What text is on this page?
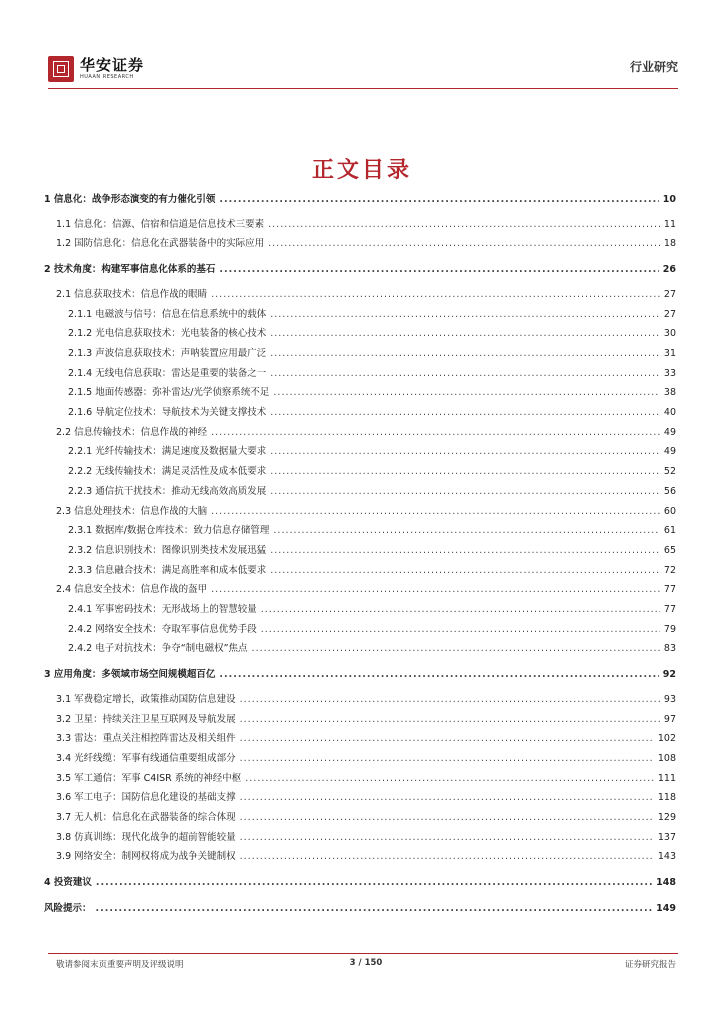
华安证券
HUAAN RESEARCH
行业研究
正文目录
1 信息化：战争形态演变的有力催化引领 .....	10
1.1 信息化：信源、信宿和信道是信息技术三要素 .....	11
1.2 国防信息化：信息化在武器装备中的实际应用 .....	18
2 技术角度：构建军事信息化体系的基石 .....	26
2.1 信息获取技术：信息作战的眼睛 .....	27
2.1.1 电磁波与信号：信息在信息系统中的载体 .....	27
2.1.2 光电信息获取技术：光电装备的核心技术 .....	30
2.1.3 声波信息获取技术：声呐装置应用最广泛 .....	31
2.1.4 无线电信息获取：雷达是重要的装备之一 .....	33
2.1.5 地面传感器：弥补雷达/光学侦察系统不足 .....	38
2.1.6 导航定位技术：导航技术为关键支撑技术 .....	40
2.2 信息传输技术：信息作战的神经 .....	49
2.2.1 光纤传输技术：满足速度及数据量大要求 .....	49
2.2.2 无线传输技术：满足灵活性及成本低要求 .....	52
2.2.3 通信抗干扰技术：推动无线高效高质发展 .....	56
2.3 信息处理技术：信息作战的大脑 .....	60
2.3.1 数据库/数据仓库技术：致力信息存储管理 .....	61
2.3.2 信息识别技术：图像识别类技术发展迅猛 .....	65
2.3.3 信息融合技术：满足高胜率和成本低要求 .....	72
2.4 信息安全技术：信息作战的盔甲 .....	77
2.4.1 军事密码技术：无形战场上的智慧较量 .....	77
2.4.2 网络安全技术：夺取军事信息优势手段 .....	79
2.4.2 电子对抗技术：争夺“制电磁权”焦点 .....	83
3 应用角度：多领域市场空间规模超百亿 .....	92
3.1 军费稳定增长，政策推动国防信息建设 .....	93
3.2 卫星：持续关注卫星互联网及导航发展 .....	97
3.3 雷达：重点关注相控阵雷达及相关组件 .....	102
3.4 光纤线缆：军事有线通信重要组成部分 .....	108
3.5 军工通信：军事 C4ISR 系统的神经中枢 .....	111
3.6 军工电子：国防信息化建设的基础支撑 .....	118
3.7 无人机：信息化在武器装备的综合体现 .....	129
3.8 仿真训练：现代化战争的超前智能较量 .....	137
3.9 网络安全：制网权将成为战争关键制权 .....	143
4 投资建议 .....	148
风险提示： .....	149
敬请参阅末页重要声明及评级说明	3 / 150	证券研究报告
